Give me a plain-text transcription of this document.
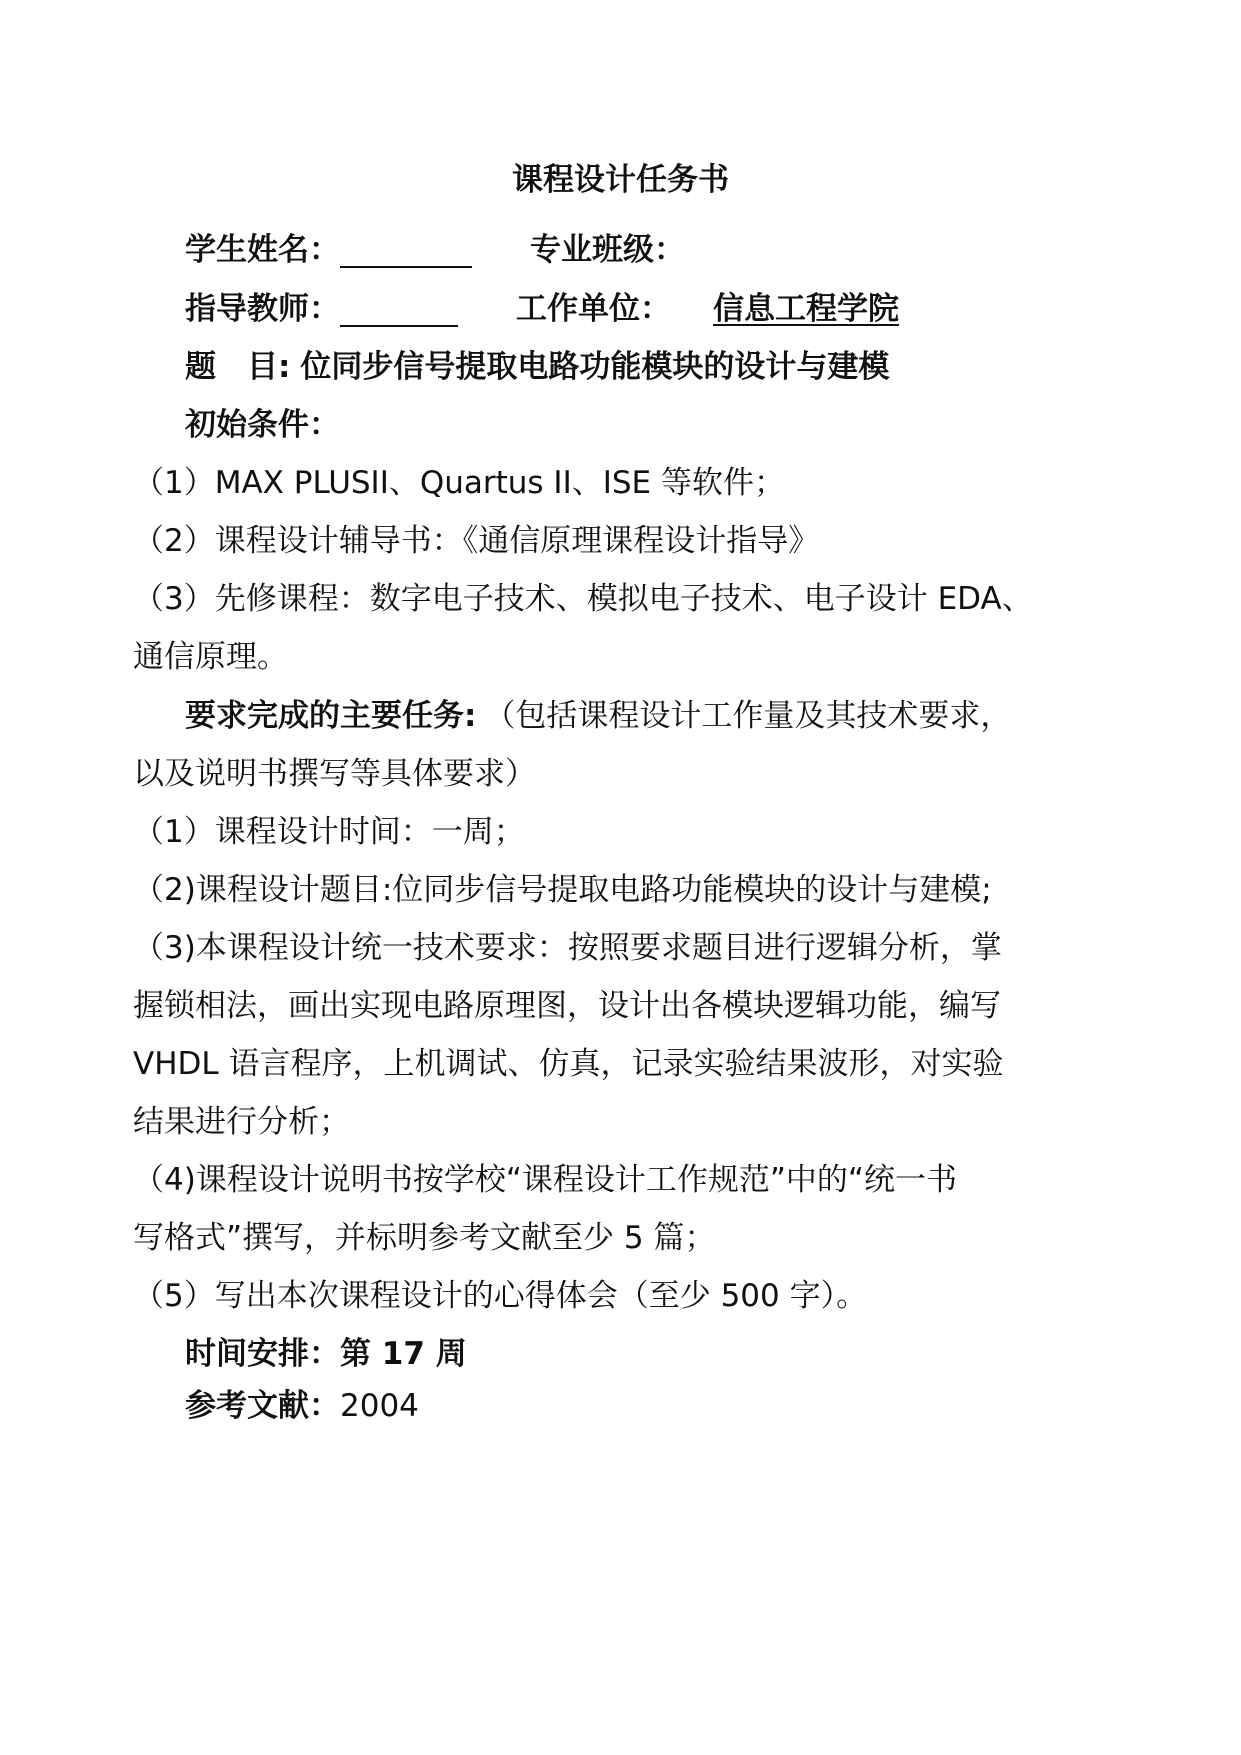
课程设计任务书
学生姓名：	专业班级：
指导教师：	工作单位： 信息工程学院
题　目: 位同步信号提取电路功能模块的设计与建模
初始条件：
（1）MAX PLUSII、Quartus II、ISE 等软件；
（2）课程设计辅导书：《通信原理课程设计指导》
（3）先修课程：数字电子技术、模拟电子技术、电子设计 EDA、
通信原理。
要求完成的主要任务: （包括课程设计工作量及其技术要求，
以及说明书撰写等具体要求）
（1）课程设计时间：一周；
（2)课程设计题目:位同步信号提取电路功能模块的设计与建模;
（3)本课程设计统一技术要求：按照要求题目进行逻辑分析，掌
握锁相法，画出实现电路原理图，设计出各模块逻辑功能，编写
VHDL 语言程序，上机调试、仿真，记录实验结果波形，对实验
结果进行分析；
（4)课程设计说明书按学校“课程设计工作规范”中的“统一书
写格式”撰写，并标明参考文献至少 5 篇；
（5）写出本次课程设计的心得体会（至少 500 字）。
时间安排：第 17 周
参考文献：2004
